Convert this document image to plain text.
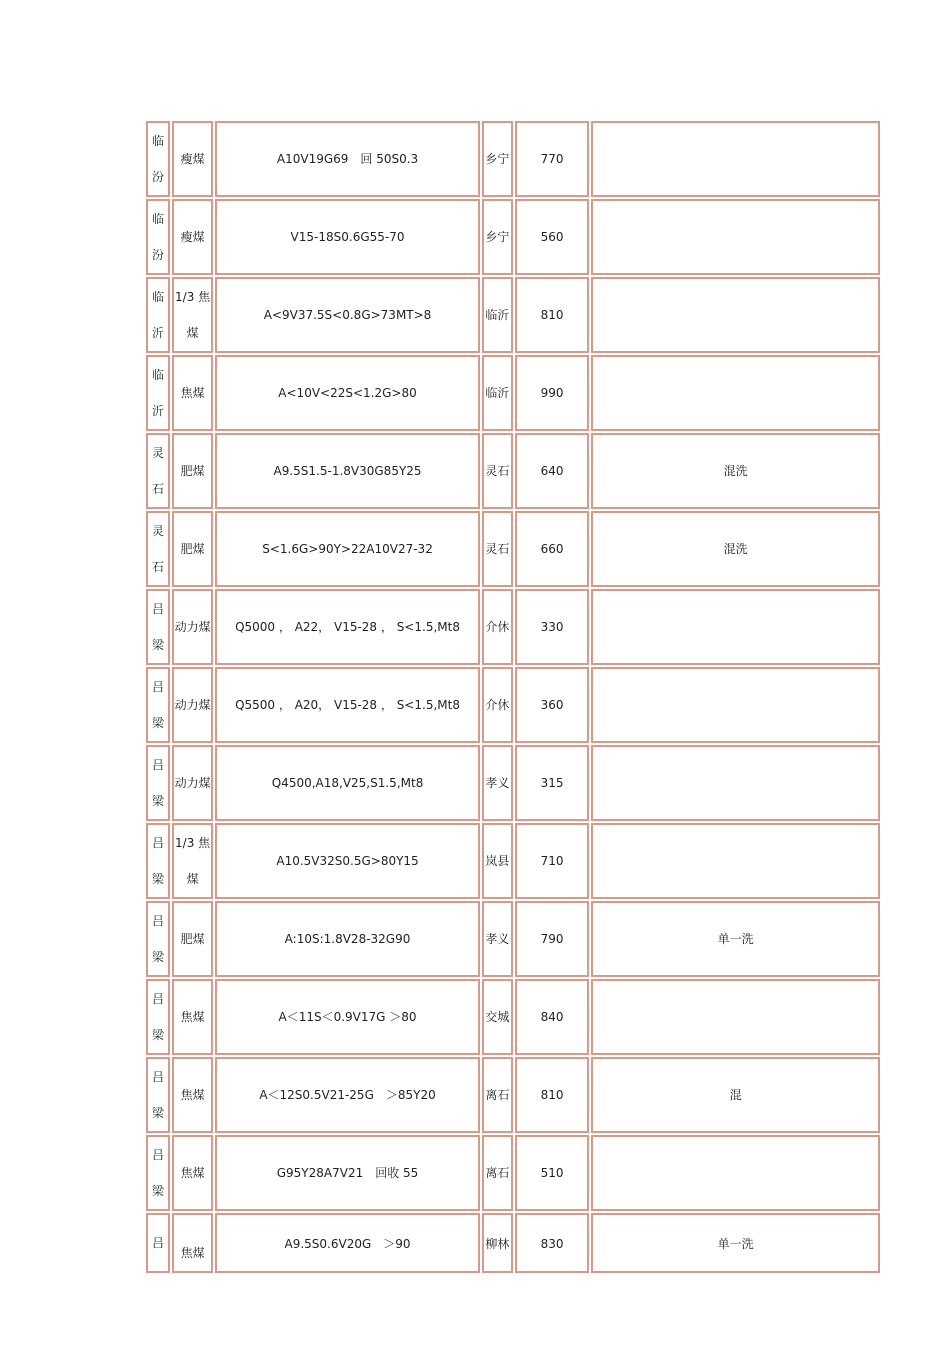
临汾	瘦煤	A10V19G69　回 50S0.3	乡宁	770	

临汾	瘦煤	V15-18S0.6G55-70	乡宁	560	

临沂	1/3 焦煤	A<9V37.5S<0.8G>73MT>8	临沂	810	

临沂	焦煤	A<10V<22S<1.2G>80	临沂	990	

灵石	肥煤	A9.5S1.5-1.8V30G85Y25	灵石	640	混洗

灵石	肥煤	S<1.6G>90Y>22A10V27-32	灵石	660	混洗

吕梁	动力煤	Q5000 ， A22， V15-28 ， S<1.5,Mt8	介休	330	

吕梁	动力煤	Q5500 ， A20， V15-28 ， S<1.5,Mt8	介休	360	

吕梁	动力煤	Q4500,A18,V25,S1.5,Mt8	孝义	315	

吕梁	1/3 焦煤	A10.5V32S0.5G>80Y15	岚县	710	

吕梁	肥煤	A:10S:1.8V28-32G90	孝义	790	单一洗

吕梁	焦煤	A＜11S＜0.9V17G ＞80	交城	840	

吕梁	焦煤	A＜12S0.5V21-25G　＞85Y20	离石	810	混

吕梁	焦煤	G95Y28A7V21　回收 55	离石	510	

吕	焦煤	A9.5S0.6V20G　＞90	柳林	830	单一洗
